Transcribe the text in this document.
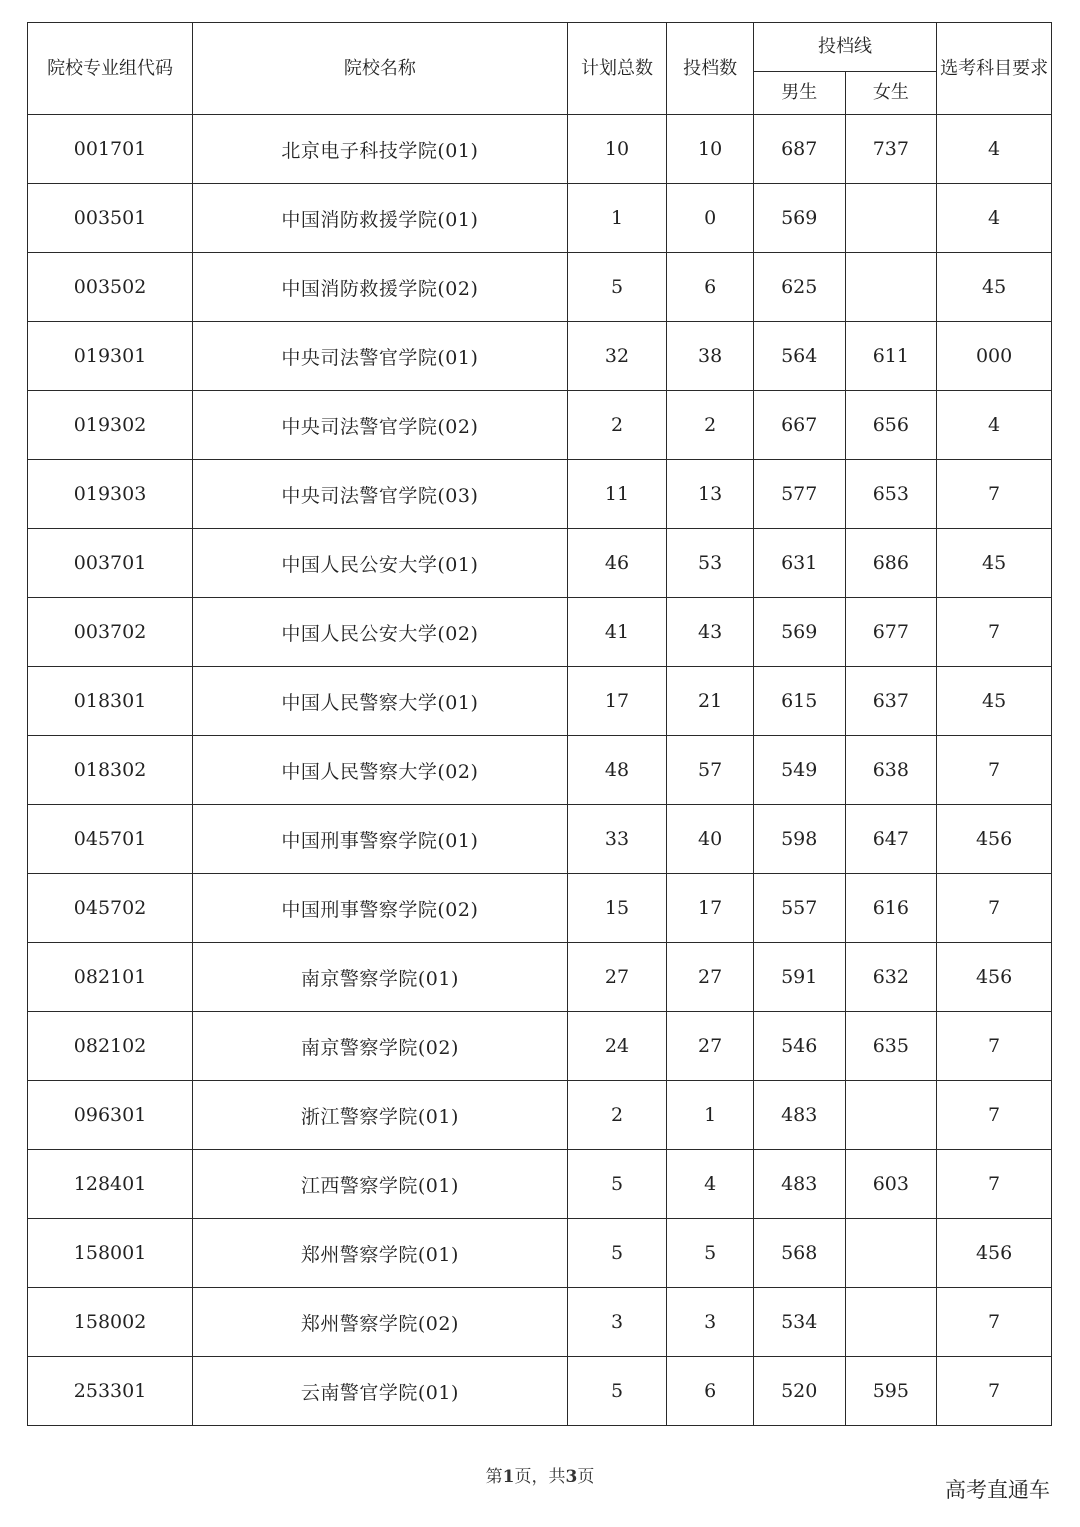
院校专业组代码	院校名称	计划总数	投档数	投档线		选考科目要求
				男生	女生	
001701	北京电子科技学院(01)	10	10	687	737	4
003501	中国消防救援学院(01)	1	0	569		4
003502	中国消防救援学院(02)	5	6	625		45
019301	中央司法警官学院(01)	32	38	564	611	000
019302	中央司法警官学院(02)	2	2	667	656	4
019303	中央司法警官学院(03)	11	13	577	653	7
003701	中国人民公安大学(01)	46	53	631	686	45
003702	中国人民公安大学(02)	41	43	569	677	7
018301	中国人民警察大学(01)	17	21	615	637	45
018302	中国人民警察大学(02)	48	57	549	638	7
045701	中国刑事警察学院(01)	33	40	598	647	456
045702	中国刑事警察学院(02)	15	17	557	616	7
082101	南京警察学院(01)	27	27	591	632	456
082102	南京警察学院(02)	24	27	546	635	7
096301	浙江警察学院(01)	2	1	483		7
128401	江西警察学院(01)	5	4	483	603	7
158001	郑州警察学院(01)	5	5	568		456
158002	郑州警察学院(02)	3	3	534		7
253301	云南警官学院(01)	5	6	520	595	7
第1页，共3页
高考直通车
